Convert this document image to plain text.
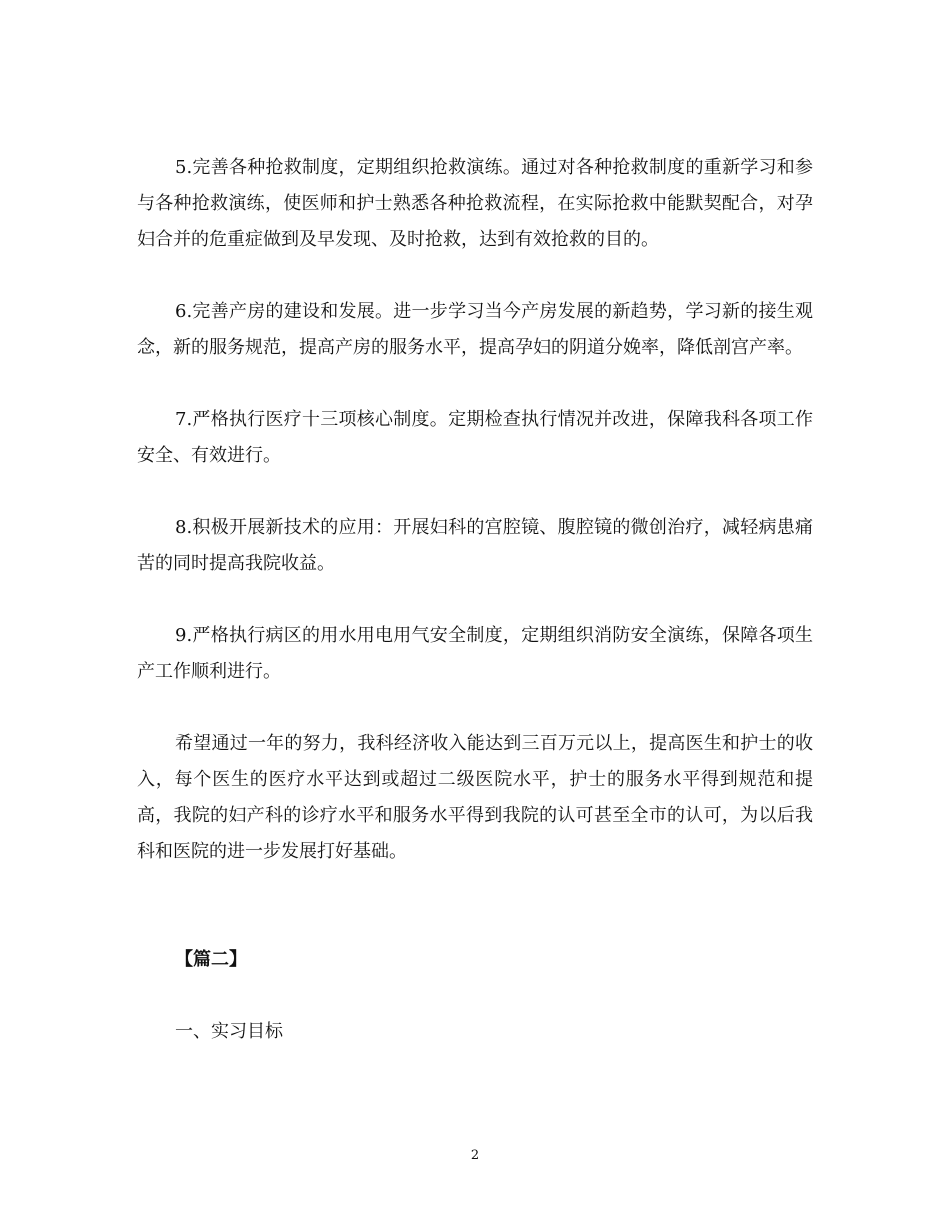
5.完善各种抢救制度，定期组织抢救演练。通过对各种抢救制度的重新学习和参与各种抢救演练，使医师和护士熟悉各种抢救流程，在实际抢救中能默契配合，对孕妇合并的危重症做到及早发现、及时抢救，达到有效抢救的目的。

6.完善产房的建设和发展。进一步学习当今产房发展的新趋势，学习新的接生观念，新的服务规范，提高产房的服务水平，提高孕妇的阴道分娩率，降低剖宫产率。

7.严格执行医疗十三项核心制度。定期检查执行情况并改进，保障我科各项工作安全、有效进行。

8.积极开展新技术的应用：开展妇科的宫腔镜、腹腔镜的微创治疗，减轻病患痛苦的同时提高我院收益。

9.严格执行病区的用水用电用气安全制度，定期组织消防安全演练，保障各项生产工作顺利进行。

希望通过一年的努力，我科经济收入能达到三百万元以上，提高医生和护士的收入，每个医生的医疗水平达到或超过二级医院水平，护士的服务水平得到规范和提高，我院的妇产科的诊疗水平和服务水平得到我院的认可甚至全市的认可，为以后我科和医院的进一步发展打好基础。

【篇二】

一、实习目标

2
